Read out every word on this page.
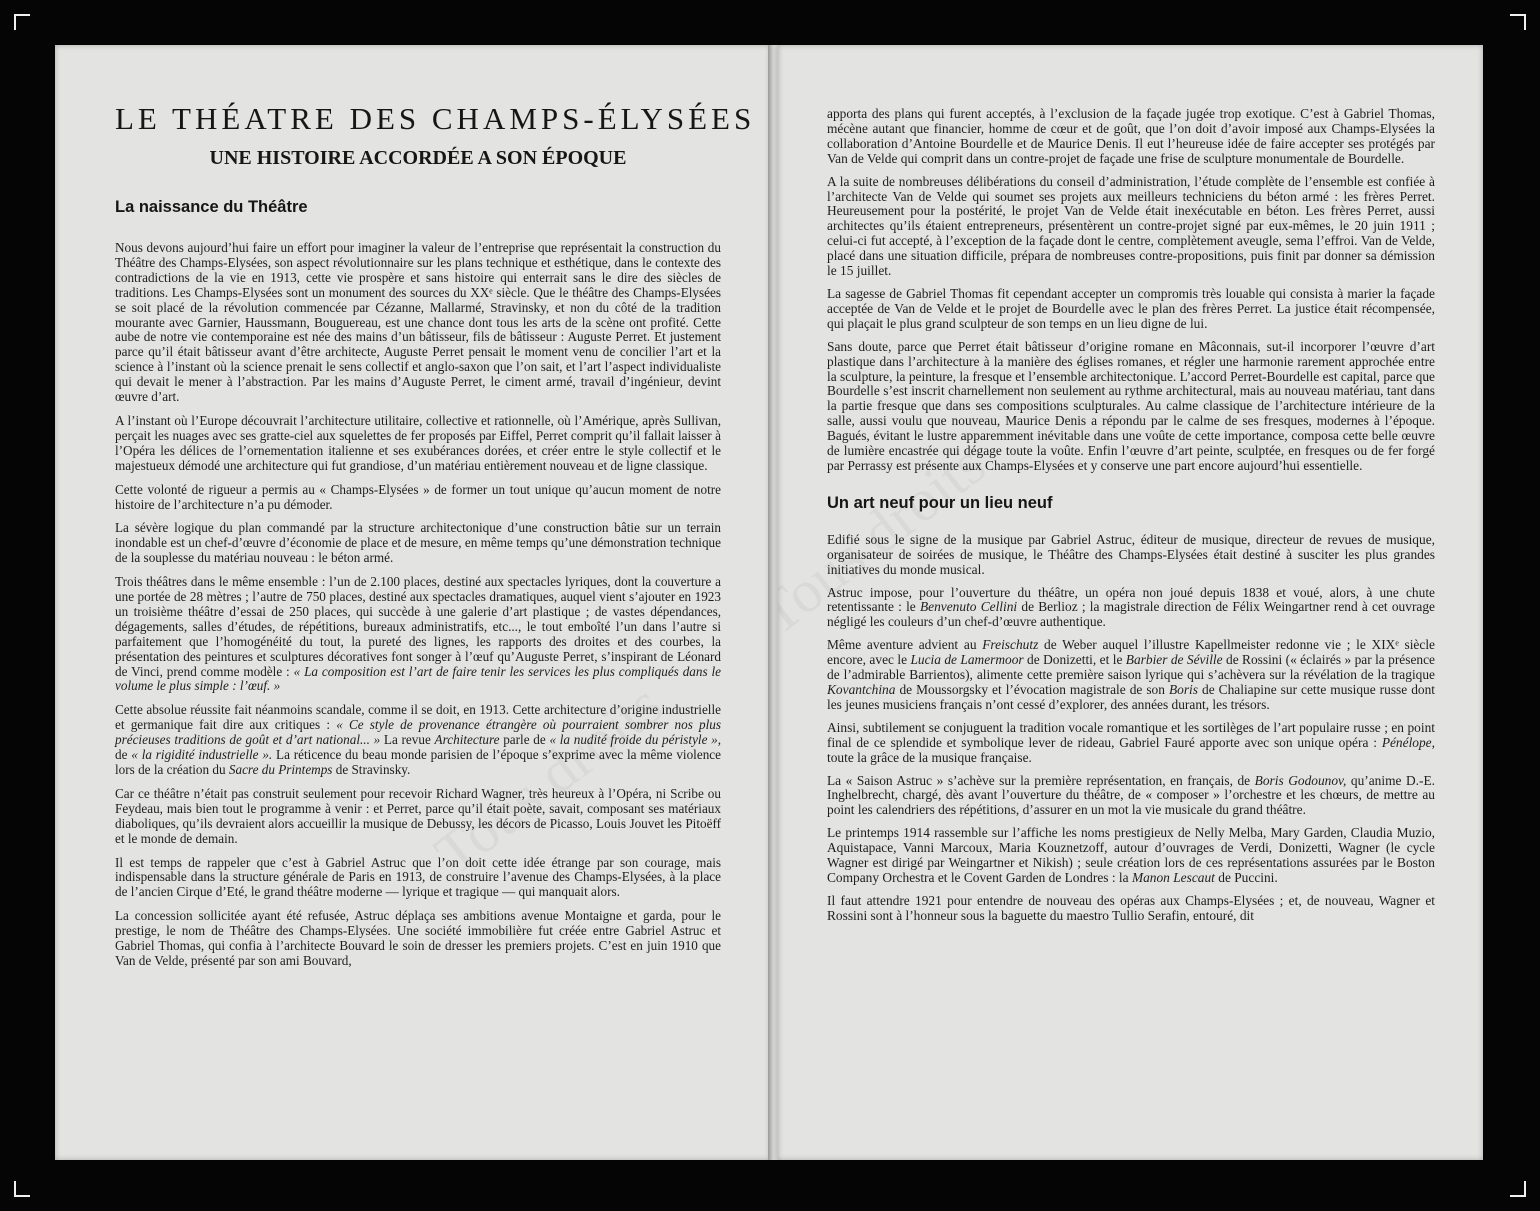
LE THÉATRE DES CHAMPS-ÉLYSÉES
UNE HISTOIRE ACCORDÉE A SON ÉPOQUE
La naissance du Théâtre

Nous devons aujourd’hui faire un effort pour imaginer la valeur de l’entreprise que représentait la construction du Théâtre des Champs-Elysées, son aspect révolutionnaire sur les plans technique et esthétique, dans le contexte des contradictions de la vie en 1913, cette vie prospère et sans histoire qui enterrait sans le dire des siècles de traditions. Les Champs-Elysées sont un monument des sources du XXᵉ siècle. Que le théâtre des Champs-Elysées se soit placé de la révolution commencée par Cézanne, Mallarmé, Stravinsky, et non du côté de la tradition mourante avec Garnier, Haussmann, Bouguereau, est une chance dont tous les arts de la scène ont profité. Cette aube de notre vie contemporaine est née des mains d’un bâtisseur, fils de bâtisseur : Auguste Perret. Et justement parce qu’il était bâtisseur avant d’être architecte, Auguste Perret pensait le moment venu de concilier l’art et la science à l’instant où la science prenait le sens collectif et anglo-saxon que l’on sait, et l’art l’aspect individualiste qui devait le mener à l’abstraction. Par les mains d’Auguste Perret, le ciment armé, travail d’ingénieur, devint œuvre d’art.

A l’instant où l’Europe découvrait l’architecture utilitaire, collective et rationnelle, où l’Amérique, après Sullivan, perçait les nuages avec ses gratte-ciel aux squelettes de fer proposés par Eiffel, Perret comprit qu’il fallait laisser à l’Opéra les délices de l’ornementation italienne et ses exubérances dorées, et créer entre le style collectif et le majestueux démodé une architecture qui fut grandiose, d’un matériau entièrement nouveau et de ligne classique.

Cette volonté de rigueur a permis au « Champs-Elysées » de former un tout unique qu’aucun moment de notre histoire de l’architecture n’a pu démoder.

La sévère logique du plan commandé par la structure architectonique d’une construction bâtie sur un terrain inondable est un chef-d’œuvre d’économie de place et de mesure, en même temps qu’une démonstration technique de la souplesse du matériau nouveau : le béton armé.

Trois théâtres dans le même ensemble : l’un de 2.100 places, destiné aux spectacles lyriques, dont la couverture a une portée de 28 mètres ; l’autre de 750 places, destiné aux spectacles dramatiques, auquel vient s’ajouter en 1923 un troisième théâtre d’essai de 250 places, qui succède à une galerie d’art plastique ; de vastes dépendances, dégagements, salles d’études, de répétitions, bureaux administratifs, etc..., le tout emboîté l’un dans l’autre si parfaitement que l’homogénéité du tout, la pureté des lignes, les rapports des droites et des courbes, la présentation des peintures et sculptures décoratives font songer à l’œuf qu’Auguste Perret, s’inspirant de Léonard de Vinci, prend comme modèle : « La composition est l’art de faire tenir les services les plus compliqués dans le volume le plus simple : l’œuf. »

Cette absolue réussite fait néanmoins scandale, comme il se doit, en 1913. Cette architecture d’origine industrielle et germanique fait dire aux critiques : « Ce style de provenance étrangère où pourraient sombrer nos plus précieuses traditions de goût et d’art national... » La revue Architecture parle de « la nudité froide du péristyle », de « la rigidité industrielle ». La réticence du beau monde parisien de l’époque s’exprime avec la même violence lors de la création du Sacre du Printemps de Stravinsky.

Car ce théâtre n’était pas construit seulement pour recevoir Richard Wagner, très heureux à l’Opéra, ni Scribe ou Feydeau, mais bien tout le programme à venir : et Perret, parce qu’il était poète, savait, composant ses matériaux diaboliques, qu’ils devraient alors accueillir la musique de Debussy, les décors de Picasso, Louis Jouvet les Pitoëff et le monde de demain.

Il est temps de rappeler que c’est à Gabriel Astruc que l’on doit cette idée étrange par son courage, mais indispensable dans la structure générale de Paris en 1913, de construire l’avenue des Champs-Elysées, à la place de l’ancien Cirque d’Eté, le grand théâtre moderne — lyrique et tragique — qui manquait alors.

La concession sollicitée ayant été refusée, Astruc déplaça ses ambitions avenue Montaigne et garda, pour le prestige, le nom de Théâtre des Champs-Elysées. Une société immobilière fut créée entre Gabriel Astruc et Gabriel Thomas, qui confia à l’architecte Bouvard le soin de dresser les premiers projets. C’est en juin 1910 que Van de Velde, présenté par son ami Bouvard,

apporta des plans qui furent acceptés, à l’exclusion de la façade jugée trop exotique. C’est à Gabriel Thomas, mécène autant que financier, homme de cœur et de goût, que l’on doit d’avoir imposé aux Champs-Elysées la collaboration d’Antoine Bourdelle et de Maurice Denis. Il eut l’heureuse idée de faire accepter ses protégés par Van de Velde qui comprit dans un contre-projet de façade une frise de sculpture monumentale de Bourdelle.

A la suite de nombreuses délibérations du conseil d’administration, l’étude complète de l’ensemble est confiée à l’architecte Van de Velde qui soumet ses projets aux meilleurs techniciens du béton armé : les frères Perret. Heureusement pour la postérité, le projet Van de Velde était inexécutable en béton. Les frères Perret, aussi architectes qu’ils étaient entrepreneurs, présentèrent un contre-projet signé par eux-mêmes, le 20 juin 1911 ; celui-ci fut accepté, à l’exception de la façade dont le centre, complètement aveugle, sema l’effroi. Van de Velde, placé dans une situation difficile, prépara de nombreuses contre-propositions, puis finit par donner sa démission le 15 juillet.

La sagesse de Gabriel Thomas fit cependant accepter un compromis très louable qui consista à marier la façade acceptée de Van de Velde et le projet de Bourdelle avec le plan des frères Perret. La justice était récompensée, qui plaçait le plus grand sculpteur de son temps en un lieu digne de lui.

Sans doute, parce que Perret était bâtisseur d’origine romane en Mâconnais, sut-il incorporer l’œuvre d’art plastique dans l’architecture à la manière des églises romanes, et régler une harmonie rarement approchée entre la sculpture, la peinture, la fresque et l’ensemble architectonique. L’accord Perret-Bourdelle est capital, parce que Bourdelle s’est inscrit charnellement non seulement au rythme architectural, mais au nouveau matériau, tant dans la partie fresque que dans ses compositions sculpturales. Au calme classique de l’architecture intérieure de la salle, aussi voulu que nouveau, Maurice Denis a répondu par le calme de ses fresques, modernes à l’époque. Bagués, évitant le lustre apparemment inévitable dans une voûte de cette importance, composa cette belle œuvre de lumière encastrée qui dégage toute la voûte. Enfin l’œuvre d’art peinte, sculptée, en fresques ou de fer forgé par Perrassy est présente aux Champs-Elysées et y conserve une part encore aujourd’hui essentielle.

Un art neuf pour un lieu neuf

Edifié sous le signe de la musique par Gabriel Astruc, éditeur de musique, directeur de revues de musique, organisateur de soirées de musique, le Théâtre des Champs-Elysées était destiné à susciter les plus grandes initiatives du monde musical.

Astruc impose, pour l’ouverture du théâtre, un opéra non joué depuis 1838 et voué, alors, à une chute retentissante : le Benvenuto Cellini de Berlioz ; la magistrale direction de Félix Weingartner rend à cet ouvrage négligé les couleurs d’un chef-d’œuvre authentique.

Même aventure advient au Freischutz de Weber auquel l’illustre Kapellmeister redonne vie ; le XIXᵉ siècle encore, avec le Lucia de Lamermoor de Donizetti, et le Barbier de Séville de Rossini (« éclairés » par la présence de l’admirable Barrientos), alimente cette première saison lyrique qui s’achèvera sur la révélation de la tragique Kovantchina de Moussorgsky et l’évocation magistrale de son Boris de Chaliapine sur cette musique russe dont les jeunes musiciens français n’ont cessé d’explorer, des années durant, les trésors.

Ainsi, subtilement se conjuguent la tradition vocale romantique et les sortilèges de l’art populaire russe ; en point final de ce splendide et symbolique lever de rideau, Gabriel Fauré apporte avec son unique opéra : Pénélope, toute la grâce de la musique française.

La « Saison Astruc » s’achève sur la première représentation, en français, de Boris Godounov, qu’anime D.-E. Inghelbrecht, chargé, dès avant l’ouverture du théâtre, de « composer » l’orchestre et les chœurs, de mettre au point les calendriers des répétitions, d’assurer en un mot la vie musicale du grand théâtre.

Le printemps 1914 rassemble sur l’affiche les noms prestigieux de Nelly Melba, Mary Garden, Claudia Muzio, Aquistapace, Vanni Marcoux, Maria Kouznetzoff, autour d’ouvrages de Verdi, Donizetti, Wagner (le cycle Wagner est dirigé par Weingartner et Nikish) ; seule création lors de ces représentations assurées par le Boston Company Orchestra et le Covent Garden de Londres : la Manon Lescaut de Puccini.

Il faut attendre 1921 pour entendre de nouveau des opéras aux Champs-Elysées ; et, de nouveau, Wagner et Rossini sont à l’honneur sous la baguette du maestro Tullio Serafin, entouré, dit
